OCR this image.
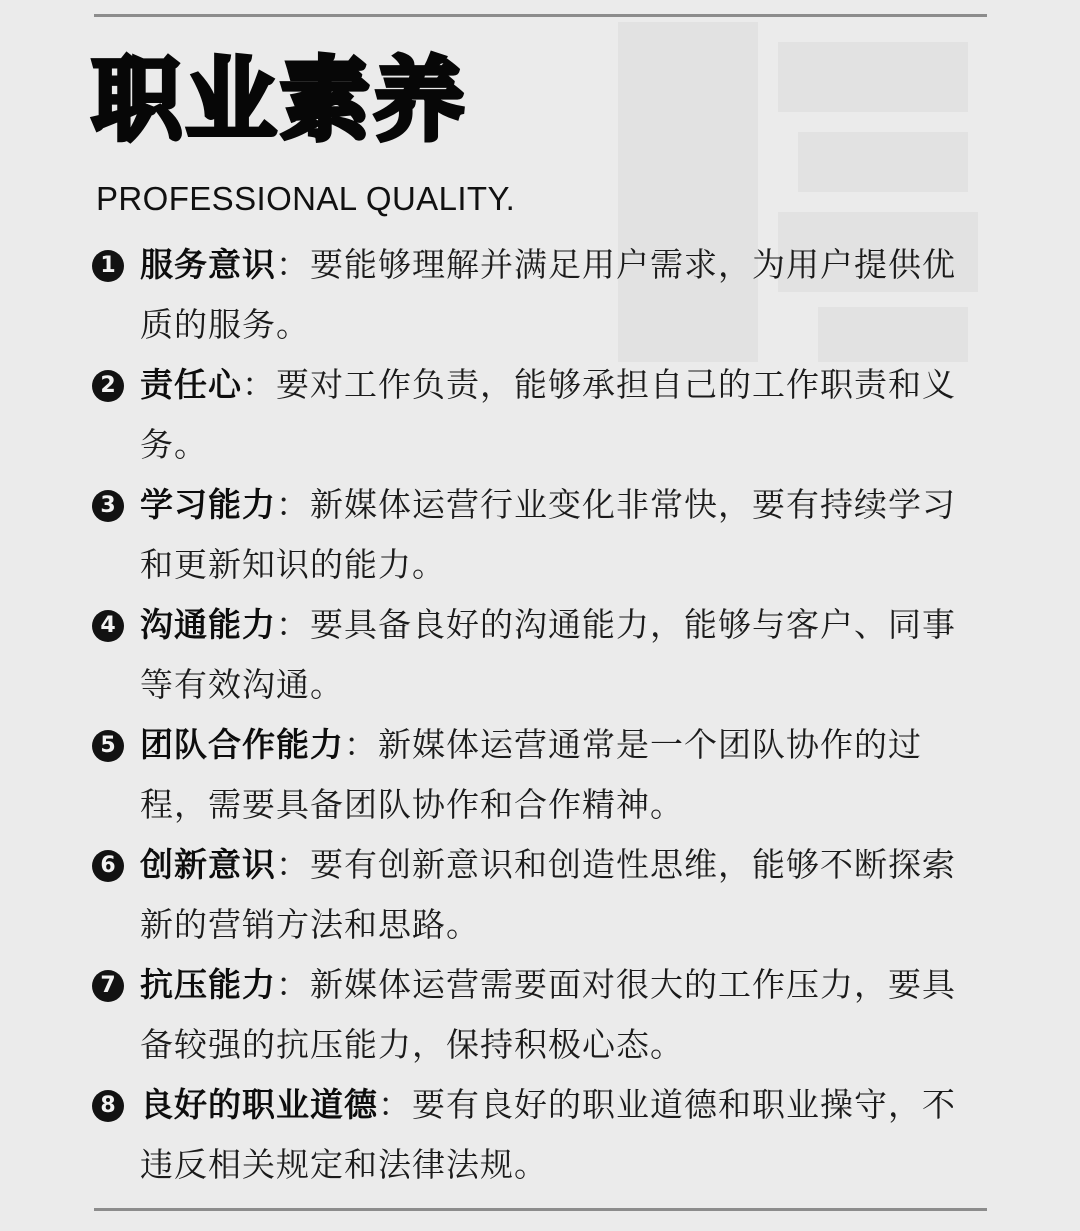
职业素养

PROFESSIONAL QUALITY.

1 服务意识：要能够理解并满足用户需求，为用户提供优质的服务。
2 责任心：要对工作负责，能够承担自己的工作职责和义务。
3 学习能力：新媒体运营行业变化非常快，要有持续学习和更新知识的能力。
4 沟通能力：要具备良好的沟通能力，能够与客户、同事等有效沟通。
5 团队合作能力：新媒体运营通常是一个团队协作的过程，需要具备团队协作和合作精神。
6 创新意识：要有创新意识和创造性思维，能够不断探索新的营销方法和思路。
7 抗压能力：新媒体运营需要面对很大的工作压力，要具备较强的抗压能力，保持积极心态。
8 良好的职业道德：要有良好的职业道德和职业操守，不违反相关规定和法律法规。
